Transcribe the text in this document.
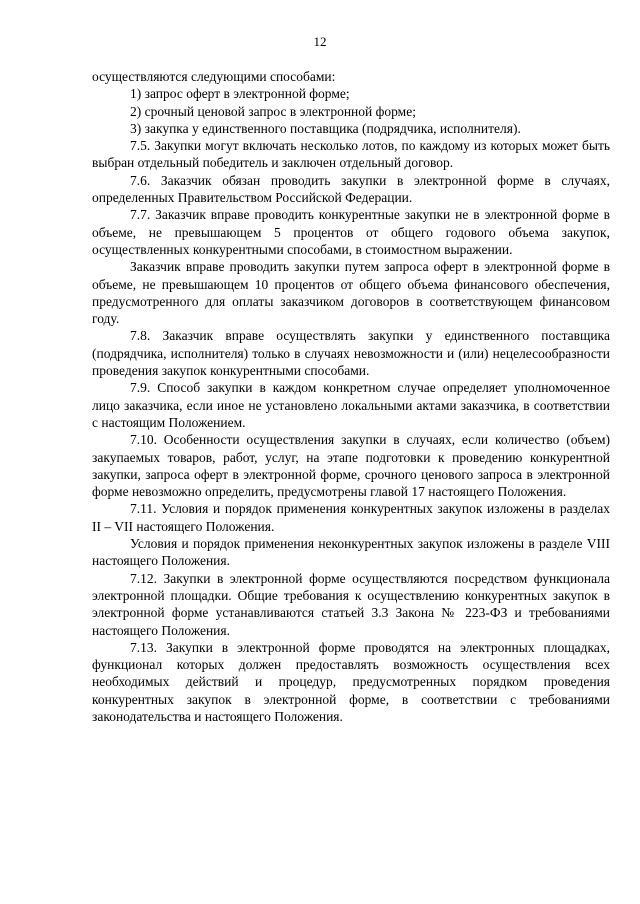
12

осуществляются следующими способами:

1) запрос оферт в электронной форме;

2) срочный ценовой запрос в электронной форме;

3) закупка у единственного поставщика (подрядчика, исполнителя).

7.5. Закупки могут включать несколько лотов, по каждому из которых может быть выбран отдельный победитель и заключен отдельный договор.

7.6. Заказчик обязан проводить закупки в электронной форме в случаях, определенных Правительством Российской Федерации.

7.7. Заказчик вправе проводить конкурентные закупки не в электронной форме в объеме, не превышающем 5 процентов от общего годового объема закупок, осуществленных конкурентными способами, в стоимостном выражении.

Заказчик вправе проводить закупки путем запроса оферт в электронной форме в объеме, не превышающем 10 процентов от общего объема финансового обеспечения, предусмотренного для оплаты заказчиком договоров в соответствующем финансовом году.

7.8. Заказчик вправе осуществлять закупки у единственного поставщика (подрядчика, исполнителя) только в случаях невозможности и (или) нецелесообразности проведения закупок конкурентными способами.

7.9. Способ закупки в каждом конкретном случае определяет уполномоченное лицо заказчика, если иное не установлено локальными актами заказчика, в соответствии с настоящим Положением.

7.10. Особенности осуществления закупки в случаях, если количество (объем) закупаемых товаров, работ, услуг, на этапе подготовки к проведению конкурентной закупки, запроса оферт в электронной форме, срочного ценового запроса в электронной форме невозможно определить, предусмотрены главой 17 настоящего Положения.

7.11. Условия и порядок применения конкурентных закупок изложены в разделах II – VII настоящего Положения.

Условия и порядок применения неконкурентных закупок изложены в разделе VIII настоящего Положения.

7.12. Закупки в электронной форме осуществляются посредством функционала электронной площадки. Общие требования к осуществлению конкурентных закупок в электронной форме устанавливаются статьей 3.3 Закона № 223-ФЗ и требованиями настоящего Положения.

7.13. Закупки в электронной форме проводятся на электронных площадках, функционал которых должен предоставлять возможность осуществления всех необходимых действий и процедур, предусмотренных порядком проведения конкурентных закупок в электронной форме, в соответствии с требованиями законодательства и настоящего Положения.
